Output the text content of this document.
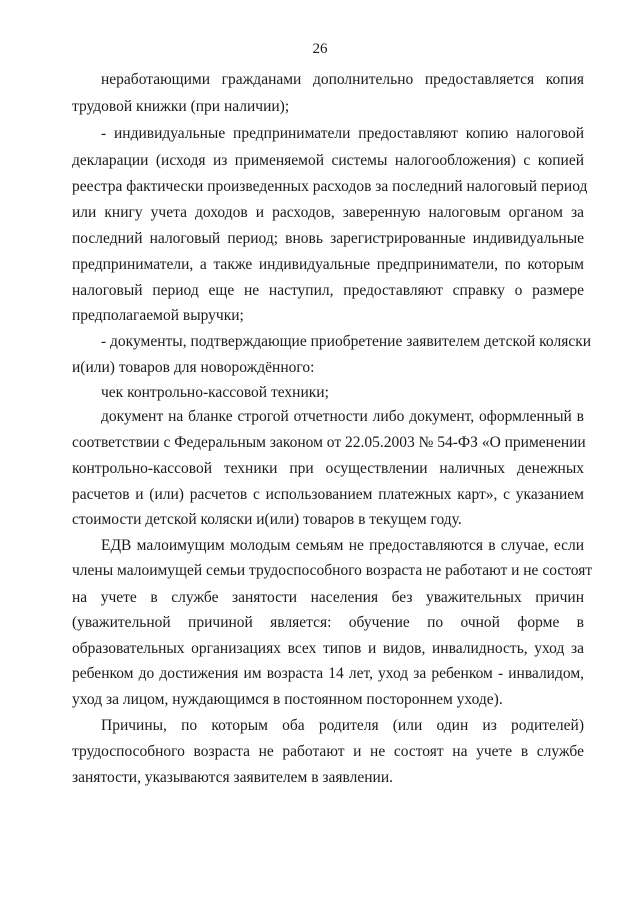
26
неработающими гражданами дополнительно предоставляется копия
трудовой книжки (при наличии);
- индивидуальные предприниматели предоставляют копию налоговой
декларации (исходя из применяемой системы налогообложения) с копией
реестра фактически произведенных расходов за последний налоговый период
или книгу учета доходов и расходов, заверенную налоговым органом за
последний налоговый период; вновь зарегистрированные индивидуальные
предприниматели, а также индивидуальные предприниматели, по которым
налоговый период еще не наступил, предоставляют справку о размере
предполагаемой выручки;
- документы, подтверждающие приобретение заявителем детской коляски
и(или) товаров для новорождённого:
чек контрольно-кассовой техники;
документ на бланке строгой отчетности либо документ, оформленный в
соответствии с Федеральным законом от 22.05.2003 № 54-ФЗ «О применении
контрольно-кассовой техники при осуществлении наличных денежных
расчетов и (или) расчетов с использованием платежных карт», с указанием
стоимости детской коляски и(или) товаров в текущем году.
ЕДВ малоимущим молодым семьям не предоставляются в случае, если
члены малоимущей семьи трудоспособного возраста не работают и не состоят
на учете в службе занятости населения без уважительных причин
(уважительной причиной является: обучение по очной форме в
образовательных организациях всех типов и видов, инвалидность, уход за
ребенком до достижения им возраста 14 лет, уход за ребенком - инвалидом,
уход за лицом, нуждающимся в постоянном постороннем уходе).
Причины, по которым оба родителя (или один из родителей)
трудоспособного возраста не работают и не состоят на учете в службе
занятости, указываются заявителем в заявлении.
